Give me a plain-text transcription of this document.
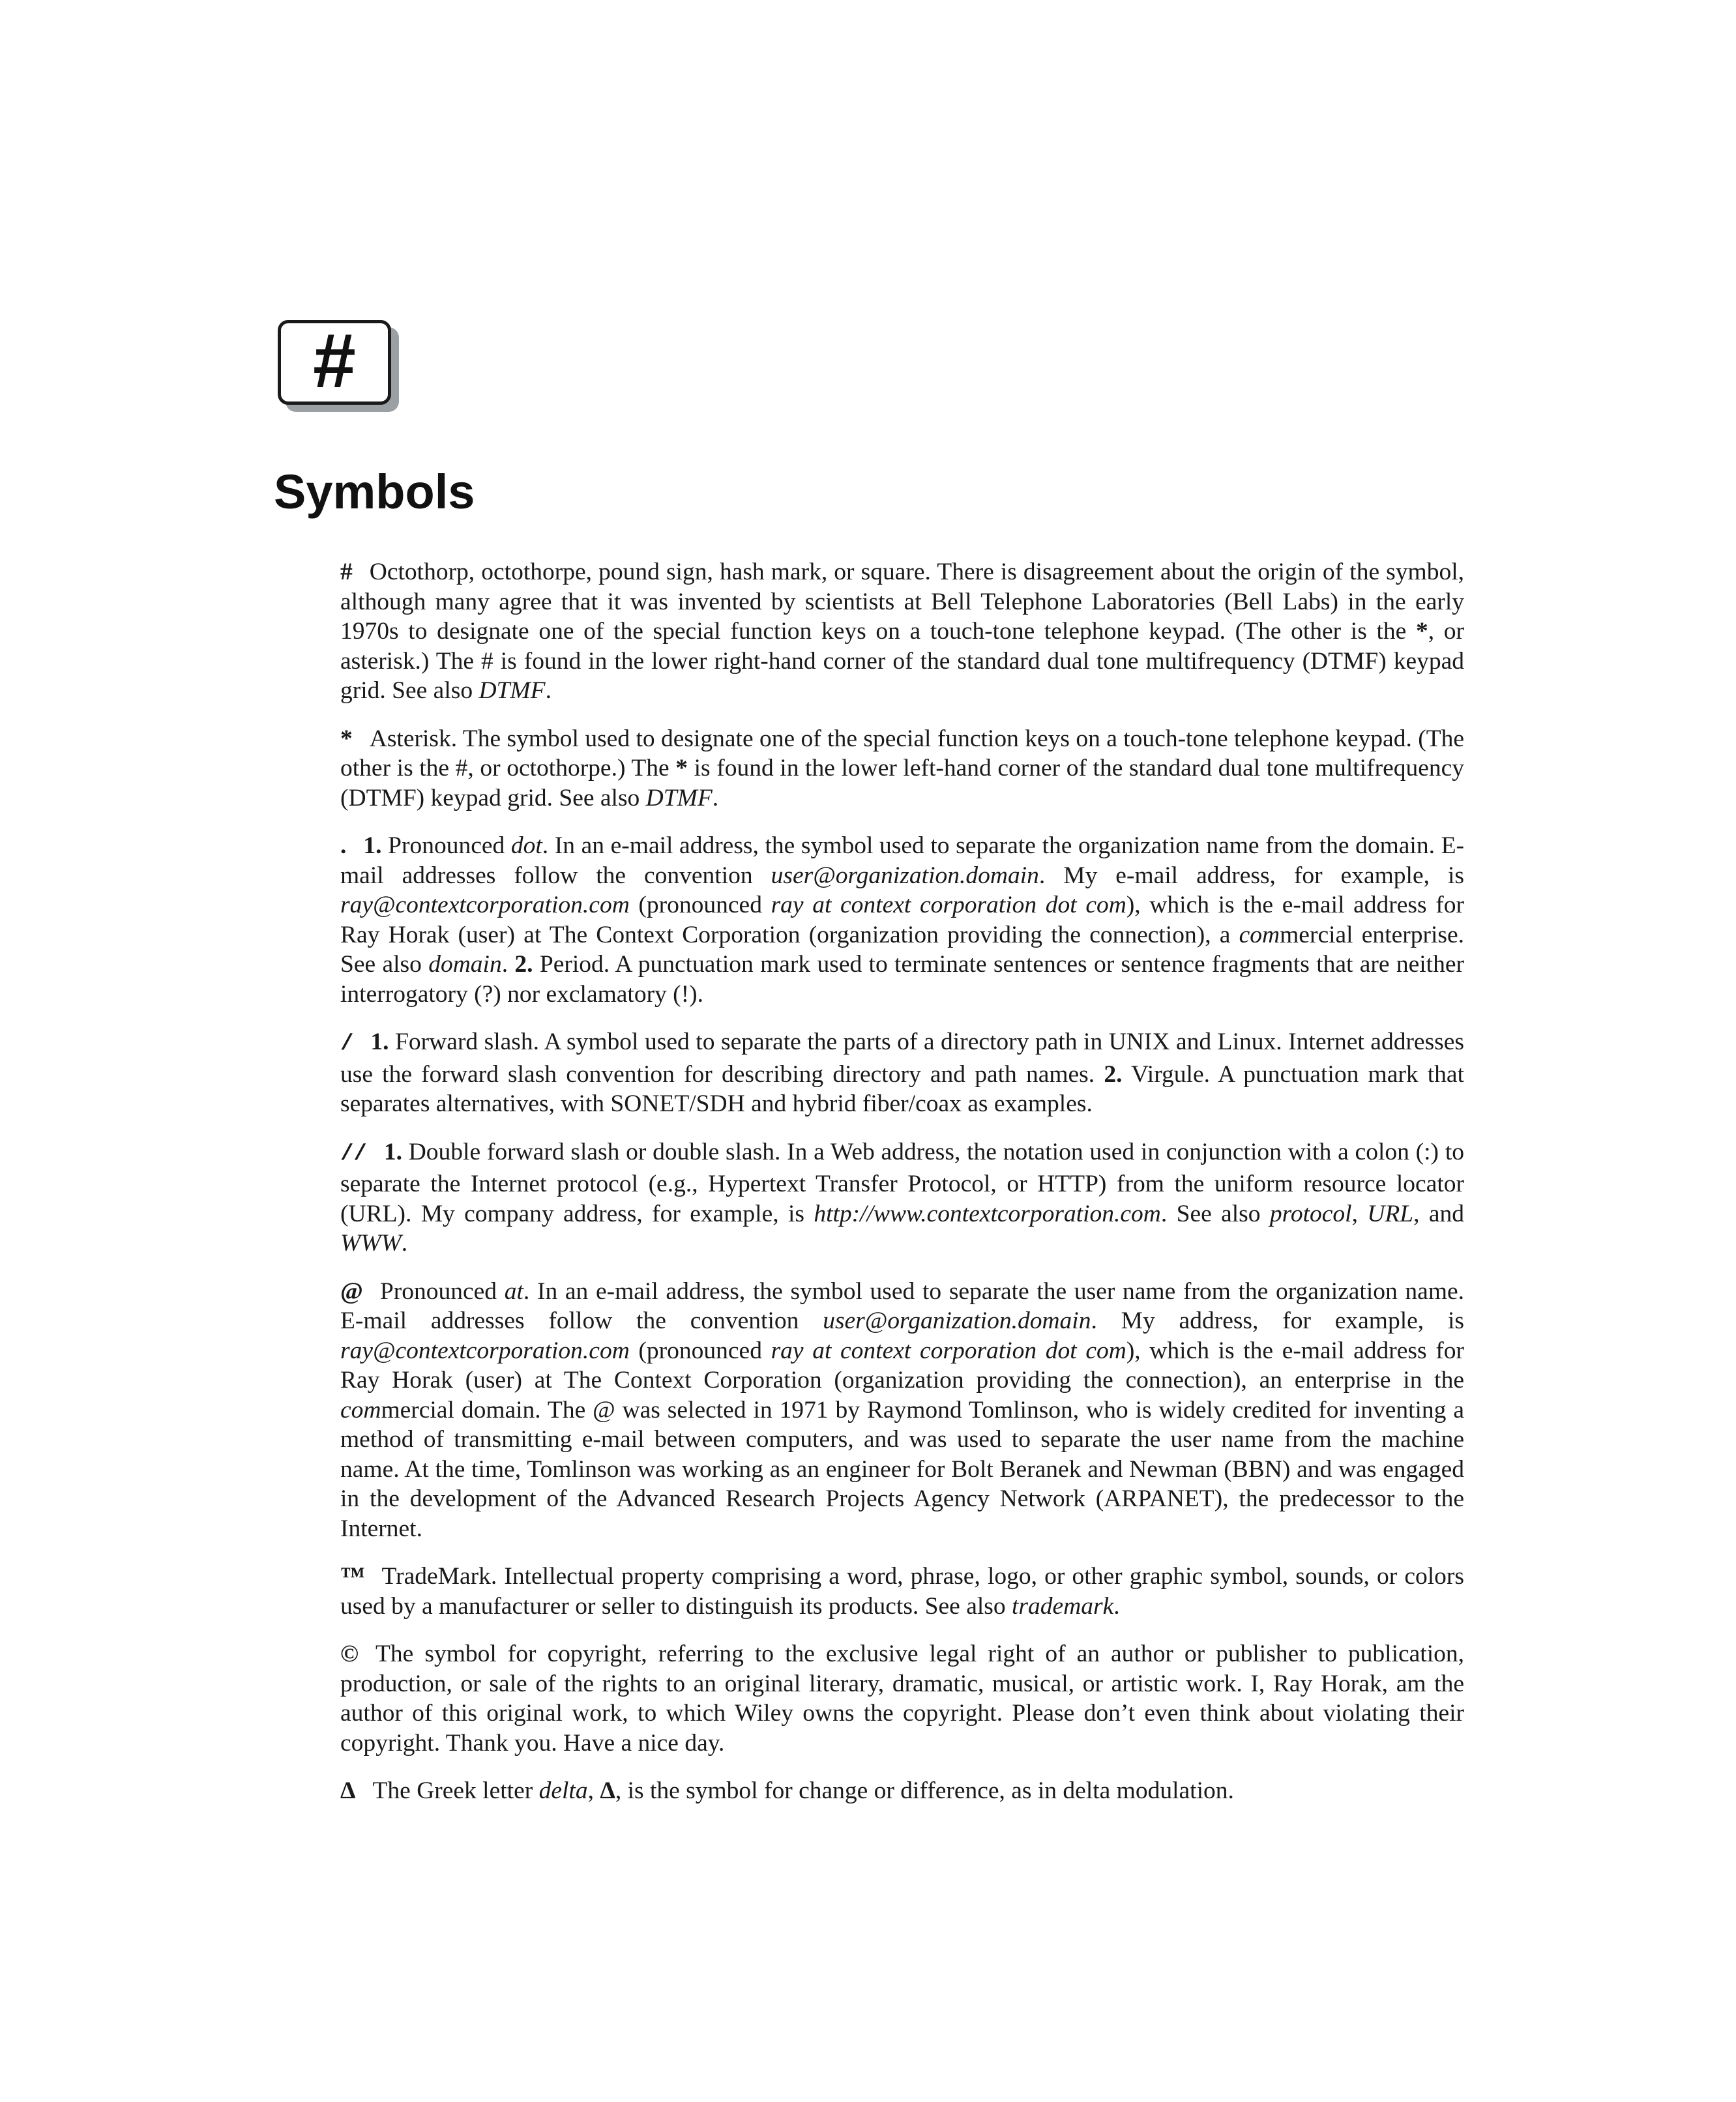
#
Symbols

# Octothorp, octothorpe, pound sign, hash mark, or square. There is disagreement about the origin of the symbol, although many agree that it was invented by scientists at Bell Telephone Laboratories (Bell Labs) in the early 1970s to designate one of the special function keys on a touch-tone telephone keypad. (The other is the *, or asterisk.) The # is found in the lower right-hand corner of the standard dual tone multifrequency (DTMF) keypad grid. See also DTMF.

* Asterisk. The symbol used to designate one of the special function keys on a touch-tone telephone keypad. (The other is the #, or octothorpe.) The * is found in the lower left-hand corner of the standard dual tone multifrequency (DTMF) keypad grid. See also DTMF.

. 1. Pronounced dot. In an e-mail address, the symbol used to separate the organization name from the domain. E-mail addresses follow the convention user@organization.domain. My e-mail address, for example, is ray@contextcorporation.com (pronounced ray at context corporation dot com), which is the e-mail address for Ray Horak (user) at The Context Corporation (organization providing the connection), a commercial enterprise. See also domain. 2. Period. A punctuation mark used to terminate sentences or sentence fragments that are neither interrogatory (?) nor exclamatory (!).

/ 1. Forward slash. A symbol used to separate the parts of a directory path in UNIX and Linux. Internet addresses use the forward slash convention for describing directory and path names. 2. Virgule. A punctuation mark that separates alternatives, with SONET/SDH and hybrid fiber/coax as examples.

// 1. Double forward slash or double slash. In a Web address, the notation used in conjunction with a colon (:) to separate the Internet protocol (e.g., Hypertext Transfer Protocol, or HTTP) from the uniform resource locator (URL). My company address, for example, is http://www.contextcorporation.com. See also protocol, URL, and WWW.

@ Pronounced at. In an e-mail address, the symbol used to separate the user name from the organization name. E-mail addresses follow the convention user@organization.domain. My address, for example, is ray@contextcorporation.com (pronounced ray at context corporation dot com), which is the e-mail address for Ray Horak (user) at The Context Corporation (organization providing the connection), an enterprise in the commercial domain. The @ was selected in 1971 by Raymond Tomlinson, who is widely credited for inventing a method of transmitting e-mail between computers, and was used to separate the user name from the machine name. At the time, Tomlinson was working as an engineer for Bolt Beranek and Newman (BBN) and was engaged in the development of the Advanced Research Projects Agency Network (ARPANET), the predecessor to the Internet.

™ TradeMark. Intellectual property comprising a word, phrase, logo, or other graphic symbol, sounds, or colors used by a manufacturer or seller to distinguish its products. See also trademark.

© The symbol for copyright, referring to the exclusive legal right of an author or publisher to publication, production, or sale of the rights to an original literary, dramatic, musical, or artistic work. I, Ray Horak, am the author of this original work, to which Wiley owns the copyright. Please don’t even think about violating their copyright. Thank you. Have a nice day.

Δ The Greek letter delta, Δ, is the symbol for change or difference, as in delta modulation.
